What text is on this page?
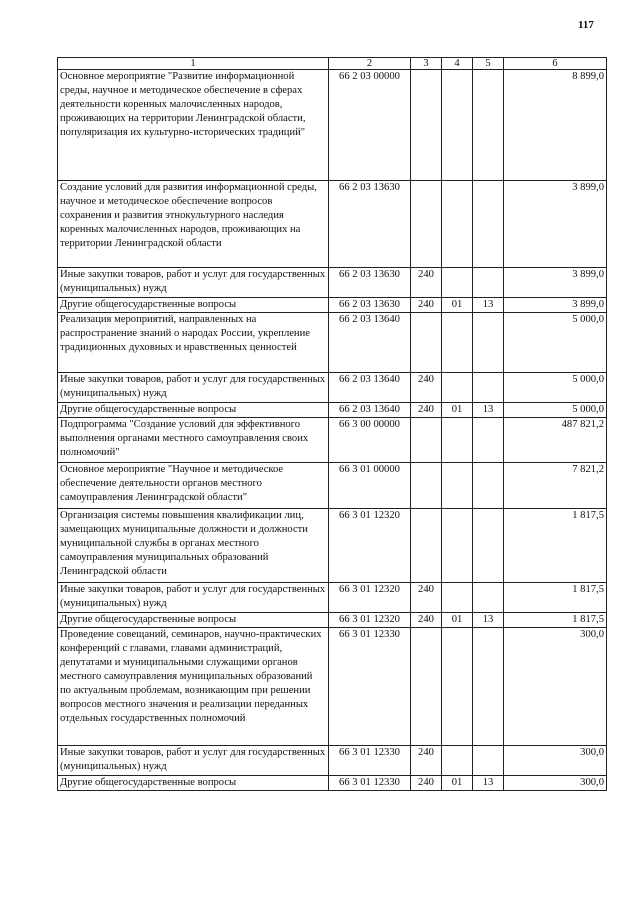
117
1	2	3	4	5	6
Основное мероприятие "Развитие информационной среды, научное и методическое обеспечение в сферах деятельности коренных малочисленных народов, проживающих на территории Ленинградской области, популяризация их культурно-исторических традиций"	66 2 03 00000				8 899,0
Создание условий для развития информационной среды, научное и методическое обеспечение вопросов сохранения и развития этнокультурного наследия коренных малочисленных народов, проживающих на территории Ленинградской области	66 2 03 13630				3 899,0
Иные закупки товаров, работ и услуг для государственных (муниципальных) нужд	66 2 03 13630	240			3 899,0
Другие общегосударственные вопросы	66 2 03 13630	240	01	13	3 899,0
Реализация мероприятий, направленных на распространение знаний о народах России, укрепление традиционных духовных и нравственных ценностей	66 2 03 13640				5 000,0
Иные закупки товаров, работ и услуг для государственных (муниципальных) нужд	66 2 03 13640	240			5 000,0
Другие общегосударственные вопросы	66 2 03 13640	240	01	13	5 000,0
Подпрограмма "Создание условий для эффективного выполнения органами местного самоуправления своих полномочий"	66 3 00 00000				487 821,2
Основное мероприятие "Научное и методическое обеспечение деятельности органов местного самоуправления Ленинградской области"	66 3 01 00000				7 821,2
Организация системы повышения квалификации лиц, замещающих муниципальные должности и должности муниципальной службы в органах местного самоуправления муниципальных образований Ленинградской области	66 3 01 12320				1 817,5
Иные закупки товаров, работ и услуг для государственных (муниципальных) нужд	66 3 01 12320	240			1 817,5
Другие общегосударственные вопросы	66 3 01 12320	240	01	13	1 817,5
Проведение совещаний, семинаров, научно-практических конференций с главами, главами администраций, депутатами и муниципальными служащими органов местного самоуправления муниципальных образований по актуальным проблемам, возникающим при решении вопросов местного значения и реализации переданных отдельных государственных полномочий	66 3 01 12330				300,0
Иные закупки товаров, работ и услуг для государственных (муниципальных) нужд	66 3 01 12330	240			300,0
Другие общегосударственные вопросы	66 3 01 12330	240	01	13	300,0
